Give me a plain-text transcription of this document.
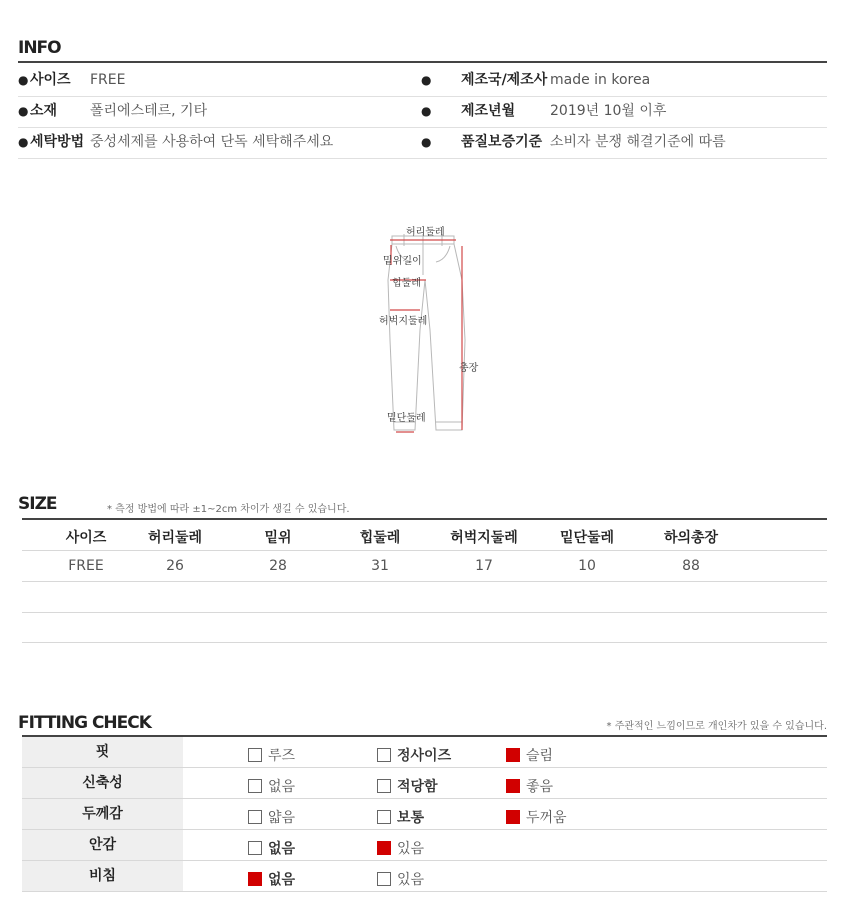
INFO
● 사이즈 FREE	● 제조국/제조사 made in korea
● 소재 폴리에스테르, 기타	● 제조년월 2019년 10월 이후
● 세탁방법 중성세제를 사용하여 단독 세탁해주세요	● 품질보증기준 소비자 분쟁 해결기준에 따름
허리둘레
밑위길이
힙둘레
허벅지둘레
밑단둘레
총장
SIZE	* 측정 방법에 따라 ±1~2cm 차이가 생길 수 있습니다.
사이즈	허리둘레	밑위	힙둘레	허벅지둘레	밑단둘레	하의총장
FREE	26	28	31	17	10	88
FITTING CHECK	* 주관적인 느낌이므로 개인차가 있을 수 있습니다.
핏	루즈	정사이즈	슬림
신축성	없음	적당함	좋음
두께감	얇음	보통	두꺼움
안감	없음	있음
비침	없음	있음
